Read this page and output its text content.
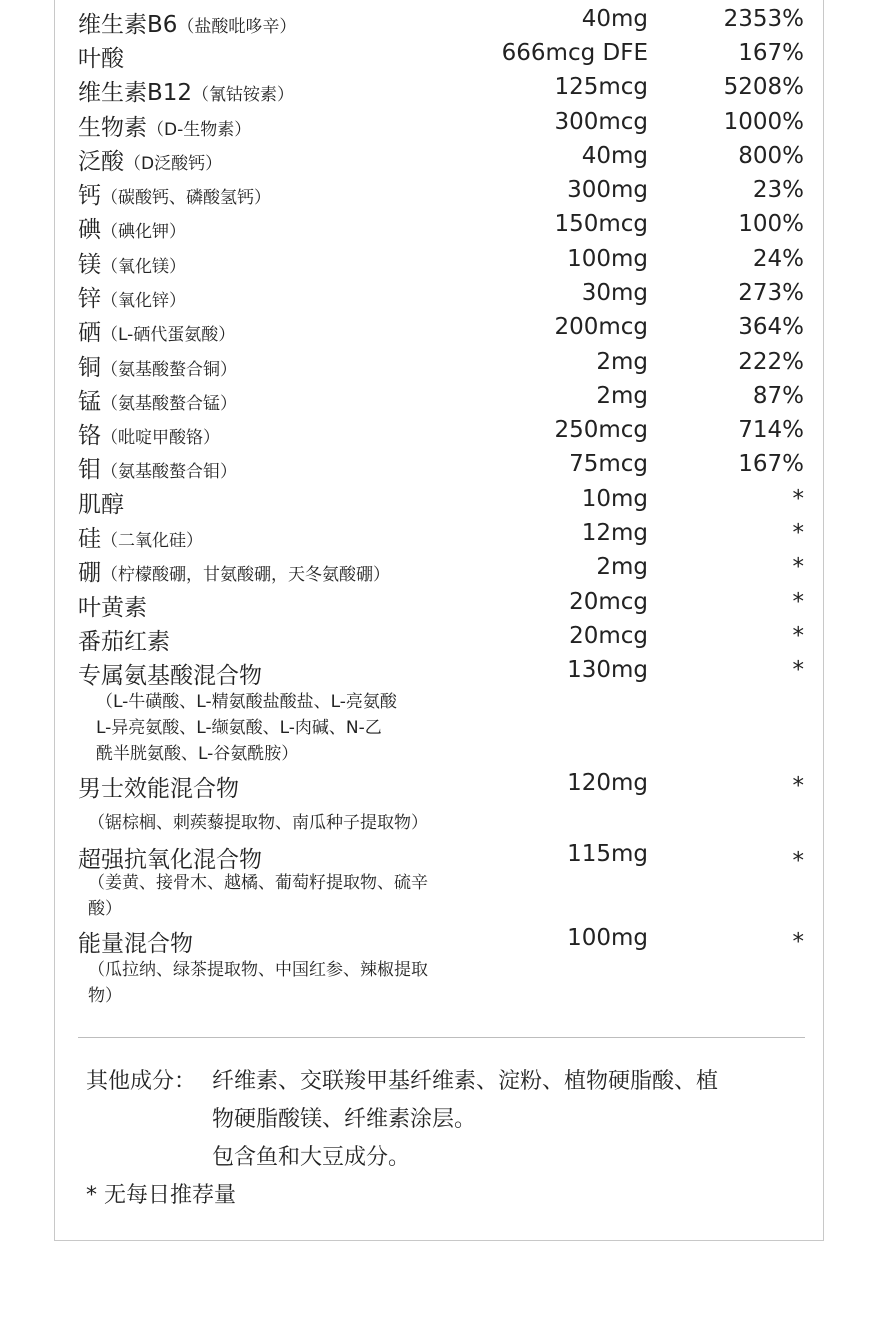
维生素B6（盐酸吡哆辛）	40mg	2353%
叶酸	666mcg DFE	167%
维生素B12（氰钴铵素）	125mcg	5208%
生物素（D-生物素）	300mcg	1000%
泛酸（D泛酸钙）	40mg	800%
钙（碳酸钙、磷酸氢钙）	300mg	23%
碘（碘化钾）	150mcg	100%
镁（氧化镁）	100mg	24%
锌（氧化锌）	30mg	273%
硒（L-硒代蛋氨酸）	200mcg	364%
铜（氨基酸螯合铜）	2mg	222%
锰（氨基酸螯合锰）	2mg	87%
铬（吡啶甲酸铬）	250mcg	714%
钼（氨基酸螯合钼）	75mcg	167%
肌醇	10mg	*
硅（二氧化硅）	12mg	*
硼（柠檬酸硼，甘氨酸硼，天冬氨酸硼）	2mg	*
叶黄素	20mcg	*
番茄红素	20mcg	*
专属氨基酸混合物	130mg	*
（L-牛磺酸、L-精氨酸盐酸盐、L-亮氨酸
L-异亮氨酸、L-缬氨酸、L-肉碱、N-乙
酰半胱氨酸、L-谷氨酰胺）
男士效能混合物	120mg	*
（锯棕榈、刺蒺藜提取物、南瓜种子提取物）
超强抗氧化混合物	115mg	*
（姜黄、接骨木、越橘、葡萄籽提取物、硫辛
酸）
能量混合物	100mg	*
（瓜拉纳、绿茶提取物、中国红参、辣椒提取
物）
其他成分： 纤维素、交联羧甲基纤维素、淀粉、植物硬脂酸、植
物硬脂酸镁、纤维素涂层。
包含鱼和大豆成分。
* 无每日推荐量
